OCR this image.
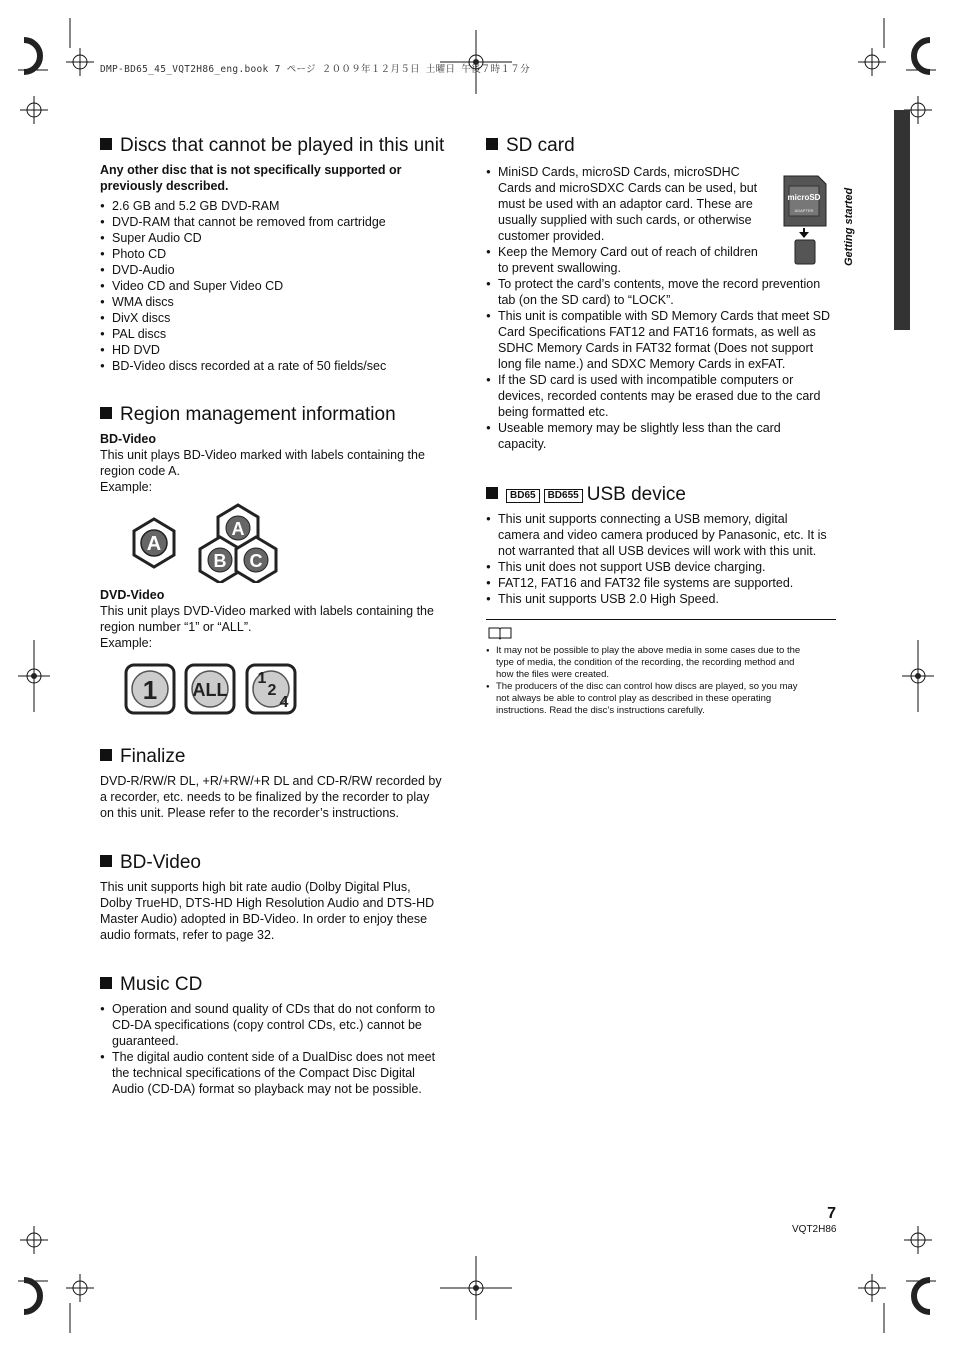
DMP-BD65_45_VQT2H86_eng.book 7 ページ ２００９年１２月５日 土曜日 午後７時１７分
Getting started
Discs that cannot be played in this unit
Any other disc that is not specifically supported or previously described.
● 2.6 GB and 5.2 GB DVD-RAM
● DVD-RAM that cannot be removed from cartridge
● Super Audio CD
● Photo CD
● DVD-Audio
● Video CD and Super Video CD
● WMA discs
● DivX discs
● PAL discs
● HD DVD
● BD-Video discs recorded at a rate of 50 fields/sec
Region management information
BD-Video
This unit plays BD-Video marked with labels containing the
region code A.
Example:
A
A
B C
DVD-Video
This unit plays DVD-Video marked with labels containing the
region number “1” or “ALL”.
Example:
1 ALL
1
2
4
Finalize
DVD-R/RW/R DL, +R/+RW/+R DL and CD-R/RW recorded by
a recorder, etc. needs to be finalized by the recorder to play
on this unit. Please refer to the recorder’s instructions.
BD-Video
This unit supports high bit rate audio (Dolby Digital Plus,
Dolby TrueHD, DTS-HD High Resolution Audio and DTS-HD
Master Audio) adopted in BD-Video. In order to enjoy these
audio formats, refer to page 32.
Music CD
● Operation and sound quality of CDs that do not conform to
CD-DA specifications (copy control CDs, etc.) cannot be
guaranteed.
● The digital audio content side of a DualDisc does not meet
the technical specifications of the Compact Disc Digital
Audio (CD-DA) format so playback may not be possible.
SD card
● MiniSD Cards, microSD Cards, microSDHC
Cards and microSDXC Cards can be used, but
must be used with an adaptor card. These are
usually supplied with such cards, or otherwise
customer provided.
● Keep the Memory Card out of reach of children
to prevent swallowing.
● To protect the card’s contents, move the record prevention
tab (on the SD card) to “LOCK”.
● This unit is compatible with SD Memory Cards that meet SD
Card Specifications FAT12 and FAT16 formats, as well as
SDHC Memory Cards in FAT32 format (Does not support
long file name.) and SDXC Memory Cards in exFAT.
● If the SD card is used with incompatible computers or
devices, recorded contents may be erased due to the card
being formatted etc.
● Useable memory may be slightly less than the card
capacity.
microSD
ADAPTER
BD65 BD655 USB device
● This unit supports connecting a USB memory, digital
camera and video camera produced by Panasonic, etc. It is
not warranted that all USB devices will work with this unit.
● This unit does not support USB device charging.
● FAT12, FAT16 and FAT32 file systems are supported.
● This unit supports USB 2.0 High Speed.
● It may not be possible to play the above media in some cases due to the
type of media, the condition of the recording, the recording method and
how the files were created.
● The producers of the disc can control how discs are played, so you may
not always be able to control play as described in these operating
instructions. Read the disc’s instructions carefully.
7
VQT2H86
